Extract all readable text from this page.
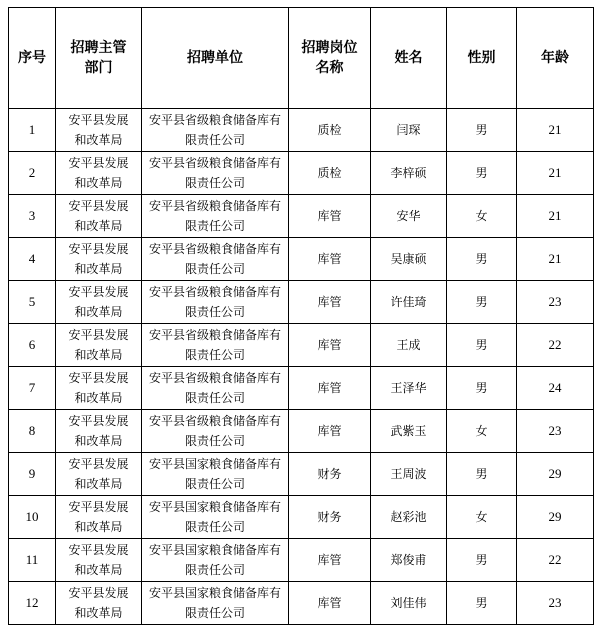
序号	招聘主管部门	招聘单位	招聘岗位名称	姓名	性别	年龄
1	安平县发展和改革局	安平县省级粮食储备库有限责任公司	质检	闫琛	男	21
2	安平县发展和改革局	安平县省级粮食储备库有限责任公司	质检	李梓硕	男	21
3	安平县发展和改革局	安平县省级粮食储备库有限责任公司	库管	安华	女	21
4	安平县发展和改革局	安平县省级粮食储备库有限责任公司	库管	吴康硕	男	21
5	安平县发展和改革局	安平县省级粮食储备库有限责任公司	库管	许佳琦	男	23
6	安平县发展和改革局	安平县省级粮食储备库有限责任公司	库管	王成	男	22
7	安平县发展和改革局	安平县省级粮食储备库有限责任公司	库管	王泽华	男	24
8	安平县发展和改革局	安平县省级粮食储备库有限责任公司	库管	武紫玉	女	23
9	安平县发展和改革局	安平县国家粮食储备库有限责任公司	财务	王周波	男	29
10	安平县发展和改革局	安平县国家粮食储备库有限责任公司	财务	赵彩池	女	29
11	安平县发展和改革局	安平县国家粮食储备库有限责任公司	库管	郑俊甫	男	22
12	安平县发展和改革局	安平县国家粮食储备库有限责任公司	库管	刘佳伟	男	23
